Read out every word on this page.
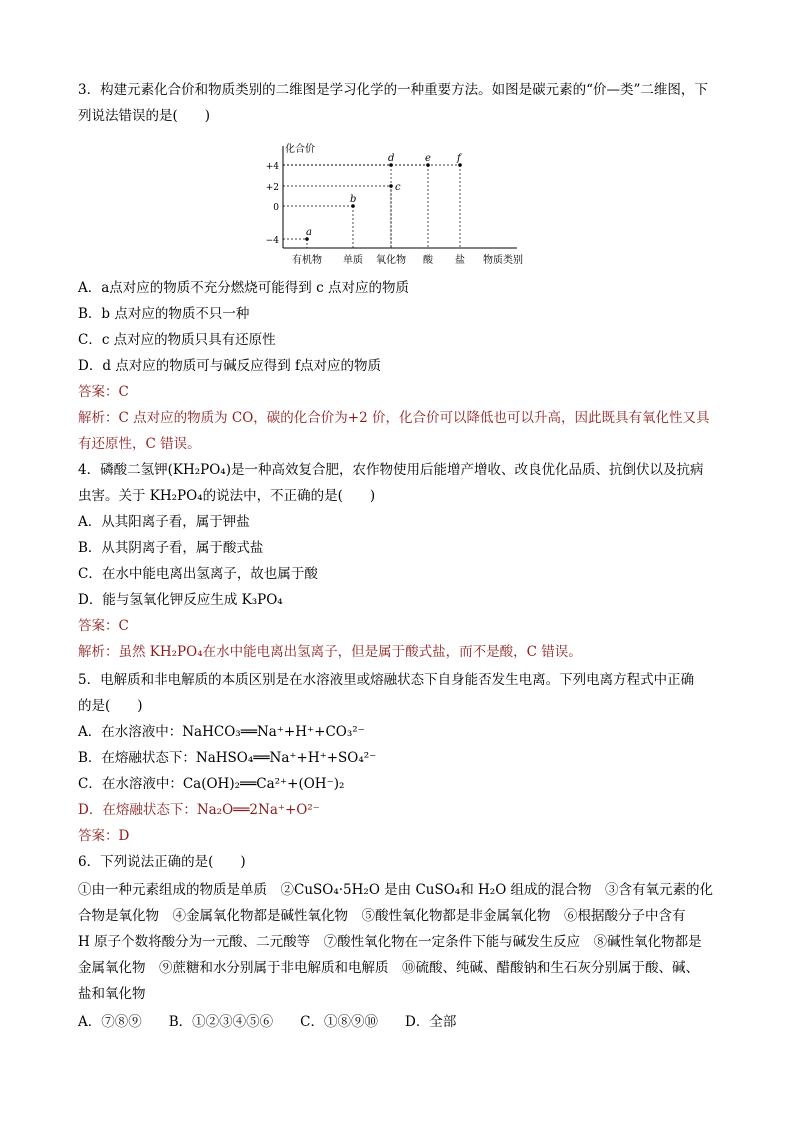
3．构建元素化合价和物质类别的二维图是学习化学的一种重要方法。如图是碳元素的“价—类”二维图，下
列说法错误的是(　　)
化合价
+4
+2
0
−4
有机物 单质 氧化物 酸 盐 物质类别
a
b
c
d	e	f
A．a点对应的物质不充分燃烧可能得到 c 点对应的物质
B．b 点对应的物质不只一种
C．c 点对应的物质只具有还原性
D．d 点对应的物质可与碱反应得到 f点对应的物质
答案：C
解析：C 点对应的物质为 CO，碳的化合价为+2 价，化合价可以降低也可以升高，因此既具有氧化性又具
有还原性，C 错误。
4．磷酸二氢钾(KH₂PO₄)是一种高效复合肥，农作物使用后能增产增收、改良优化品质、抗倒伏以及抗病
虫害。关于 KH₂PO₄的说法中，不正确的是(　　)
A．从其阳离子看，属于钾盐
B．从其阴离子看，属于酸式盐
C．在水中能电离出氢离子，故也属于酸
D．能与氢氧化钾反应生成 K₃PO₄
答案：C
解析：虽然 KH₂PO₄在水中能电离出氢离子，但是属于酸式盐，而不是酸，C 错误。
5．电解质和非电解质的本质区别是在水溶液里或熔融状态下自身能否发生电离。下列电离方程式中正确
的是(　　)
A．在水溶液中：NaHCO₃══Na⁺+H⁺+CO₃²⁻
B．在熔融状态下：NaHSO₄══Na⁺+H⁺+SO₄²⁻
C．在水溶液中：Ca(OH)₂══Ca²⁺+(OH⁻)₂
D．在熔融状态下：Na₂O══2Na⁺+O²⁻
答案：D
6．下列说法正确的是(　　)
①由一种元素组成的物质是单质　②CuSO₄·5H₂O 是由 CuSO₄和 H₂O 组成的混合物　③含有氧元素的化
合物是氧化物　④金属氧化物都是碱性氧化物　⑤酸性氧化物都是非金属氧化物　⑥根据酸分子中含有
H 原子个数将酸分为一元酸、二元酸等　⑦酸性氧化物在一定条件下能与碱发生反应　⑧碱性氧化物都是
金属氧化物　⑨蔗糖和水分别属于非电解质和电解质　⑩硫酸、纯碱、醋酸钠和生石灰分别属于酸、碱、
盐和氧化物
A．⑦⑧⑨　　B．①②③④⑤⑥　　C．①⑧⑨⑩　　D．全部
